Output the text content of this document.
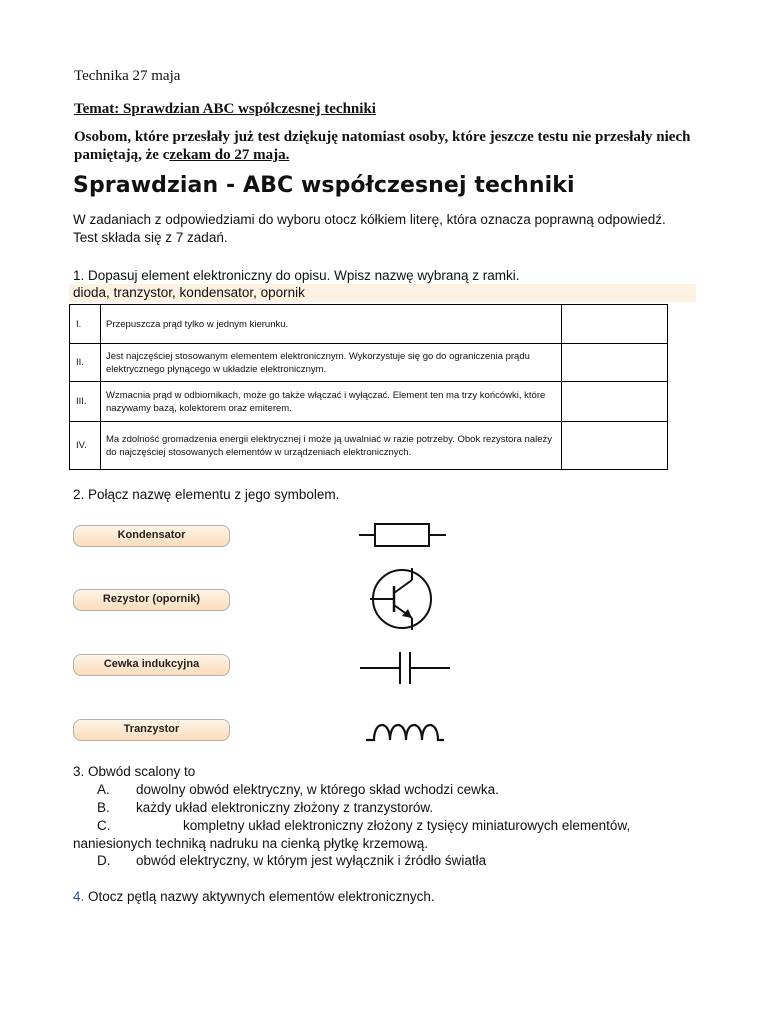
Technika 27 maja
Temat: Sprawdzian ABC współczesnej techniki
Osobom, które przesłały już test dziękuję natomiast osoby, które jeszcze testu nie przesłały niech pamiętają, że czekam do 27 maja.
Sprawdzian - ABC współczesnej techniki
W zadaniach z odpowiedziami do wyboru otocz kółkiem literę, która oznacza poprawną odpowiedź. Test składa się z 7 zadań.
1. Dopasuj element elektroniczny do opisu. Wpisz nazwę wybraną z ramki.
dioda, tranzystor, kondensator, opornik
I.	Przepuszcza prąd tylko w jednym kierunku.	
II.	Jest najczęściej stosowanym elementem elektronicznym. Wykorzystuje się go do ograniczenia prądu elektrycznego płynącego w układzie elektronicznym.	
III.	Wzmacnia prąd w odbiornikach, może go także włączać i wyłączać. Element ten ma trzy końcówki, które nazywamy bazą, kolektorem oraz emiterem.	
IV.	Ma zdolność gromadzenia energii elektrycznej i może ją uwalniać w razie potrzeby. Obok rezystora należy do najczęściej stosowanych elementów w urządzeniach elektronicznych.	
2. Połącz nazwę elementu z jego symbolem.
Kondensator
Rezystor (opornik)
Cewka indukcyjna
Tranzystor
3. Obwód scalony to
A. dowolny obwód elektryczny, w którego skład wchodzi cewka.
B. każdy układ elektroniczny złożony z tranzystorów.
C.	kompletny układ elektroniczny złożony z tysięcy miniaturowych elementów,
naniesionych techniką nadruku na cienką płytkę krzemową.
D. obwód elektryczny, w którym jest wyłącznik i źródło światła
4. Otocz pętlą nazwy aktywnych elementów elektronicznych.
